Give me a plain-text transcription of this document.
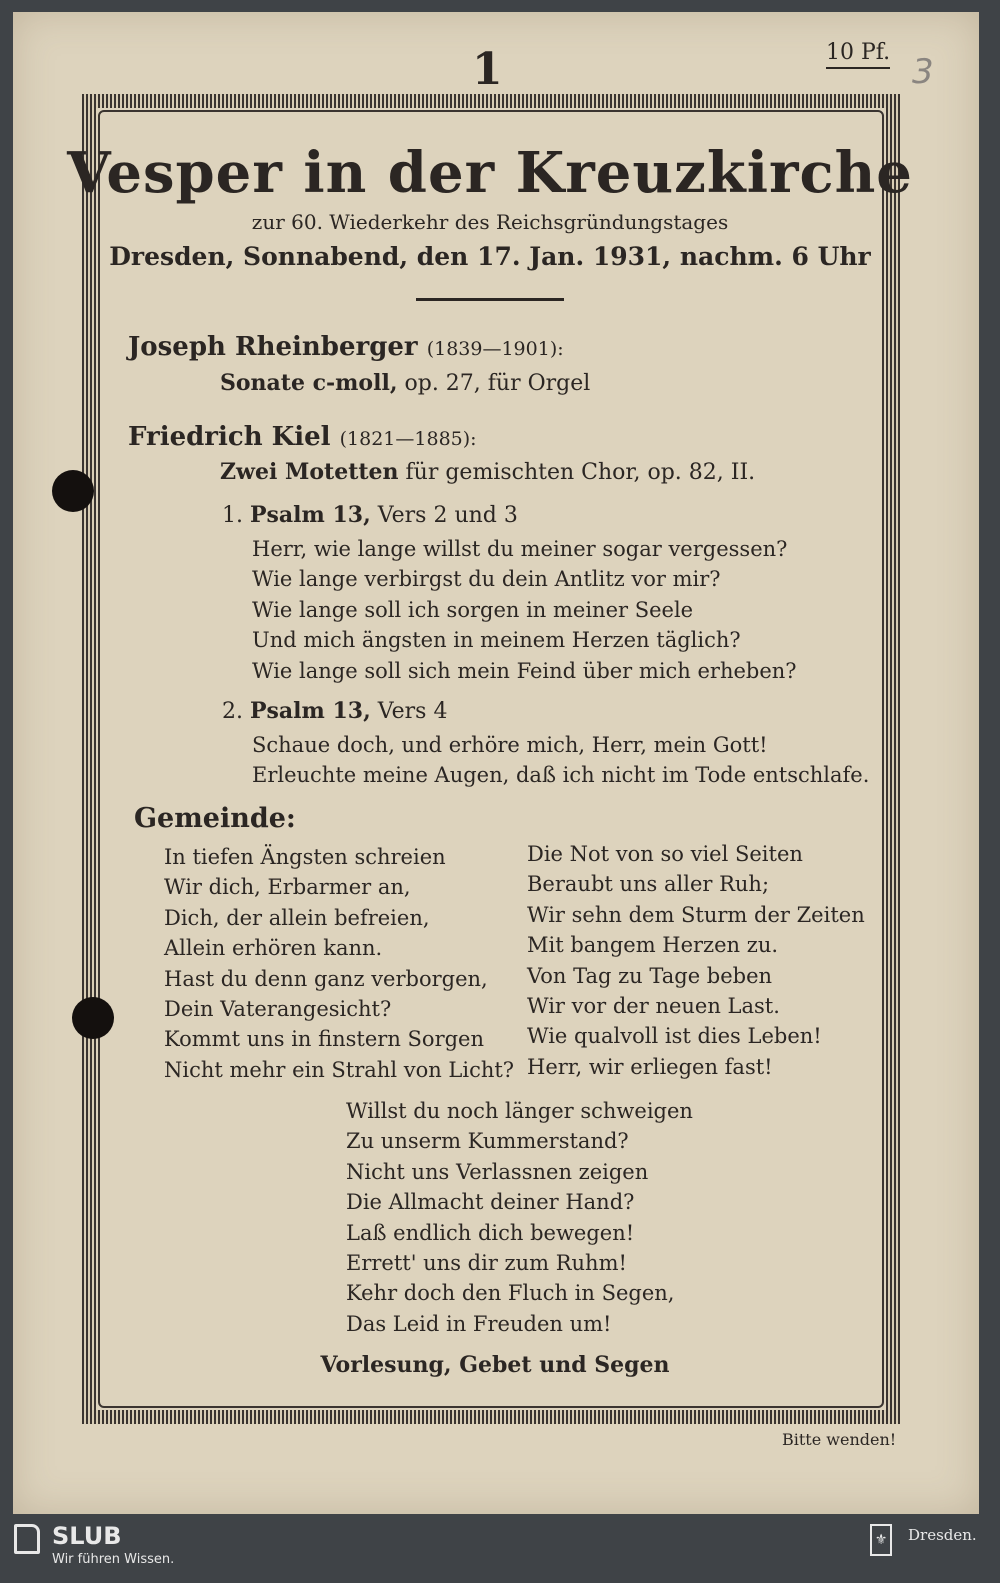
1	10 Pf. 3
Vesper in der Kreuzkirche
zur 60. Wiederkehr des Reichsgründungstages
Dresden, Sonnabend, den 17. Jan. 1931, nachm. 6 Uhr
Joseph Rheinberger (1839—1901):
Sonate c-moll, op. 27, für Orgel
Friedrich Kiel (1821—1885):
Zwei Motetten für gemischten Chor, op. 82, II.
1. Psalm 13, Vers 2 und 3
Herr, wie lange willst du meiner sogar vergessen?
Wie lange verbirgst du dein Antlitz vor mir?
Wie lange soll ich sorgen in meiner Seele
Und mich ängsten in meinem Herzen täglich?
Wie lange soll sich mein Feind über mich erheben?
2. Psalm 13, Vers 4
Schaue doch, und erhöre mich, Herr, mein Gott!
Erleuchte meine Augen, daß ich nicht im Tode entschlafe.
Gemeinde:
In tiefen Ängsten schreien
Wir dich, Erbarmer an,
Dich, der allein befreien,
Allein erhören kann.
Hast du denn ganz verborgen,
Dein Vaterangesicht?
Kommt uns in finstern Sorgen
Nicht mehr ein Strahl von Licht?
Die Not von so viel Seiten
Beraubt uns aller Ruh;
Wir sehn dem Sturm der Zeiten
Mit bangem Herzen zu.
Von Tag zu Tage beben
Wir vor der neuen Last.
Wie qualvoll ist dies Leben!
Herr, wir erliegen fast!
Willst du noch länger schweigen
Zu unserm Kummerstand?
Nicht uns Verlassnen zeigen
Die Allmacht deiner Hand?
Laß endlich dich bewegen!
Errett' uns dir zum Ruhm!
Kehr doch den Fluch in Segen,
Das Leid in Freuden um!
Vorlesung, Gebet und Segen
Bitte wenden!
SLUB
Wir führen Wissen.
⚜	Dresden.
